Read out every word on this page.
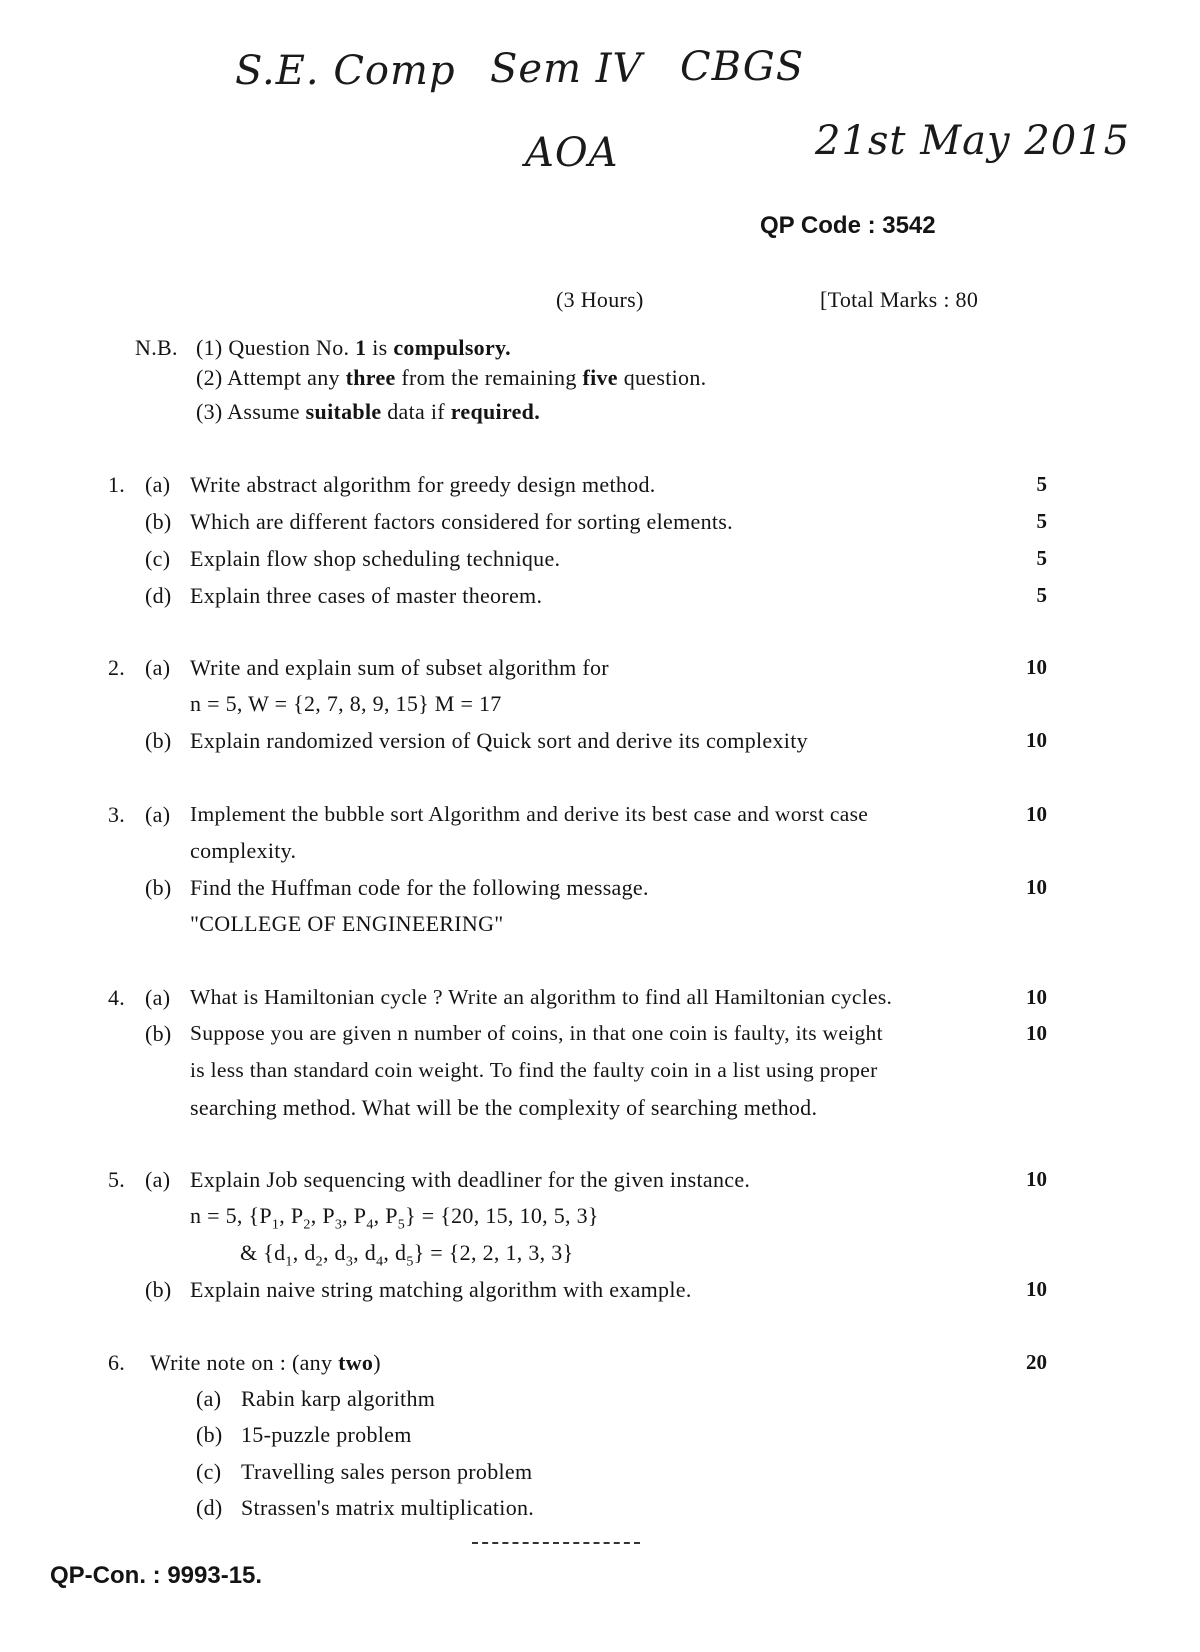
S.E. Comp Sem IV CBGS
AOA	21st May 2015
QP Code : 3542
(3 Hours)	[Total Marks : 80
N.B. (1) Question No. 1 is compulsory.
(2) Attempt any three from the remaining five question.
(3) Assume suitable data if required.
1. (a) Write abstract algorithm for greedy design method.	5
(b) Which are different factors considered for sorting elements.	5
(c) Explain flow shop scheduling technique.	5
(d) Explain three cases of master theorem.	5
2. (a) Write and explain sum of subset algorithm for	10
n = 5, W = {2, 7, 8, 9, 15} M = 17
(b) Explain randomized version of Quick sort and derive its complexity	10
3. (a) Implement the bubble sort Algorithm and derive its best case and worst case	10
complexity.
(b) Find the Huffman code for the following message.	10
"COLLEGE OF ENGINEERING"
4. (a) What is Hamiltonian cycle ? Write an algorithm to find all Hamiltonian cycles.	10
(b) Suppose you are given n number of coins, in that one coin is faulty, its weight	10
is less than standard coin weight. To find the faulty coin in a list using proper
searching method. What will be the complexity of searching method.
5. (a) Explain Job sequencing with deadliner for the given instance.	10
n = 5, {$P_1$, $P_2$, $P_3$, $P_4$, $P_5\} = \{20$, 15, 10, 5, 3}
& {$d_1$, $d_2$, $d_3$, $d_4$, $d_5\} = \{2$, 2, 1, 3, 3}
(b) Explain naive string matching algorithm with example.	10
6. Write note on : (any two)	20
(a) Rabin karp algorithm
(b) 15-puzzle problem
(c) Travelling sales person problem
(d) Strassen's matrix multiplication.
QP-Con. : 9993-15.
